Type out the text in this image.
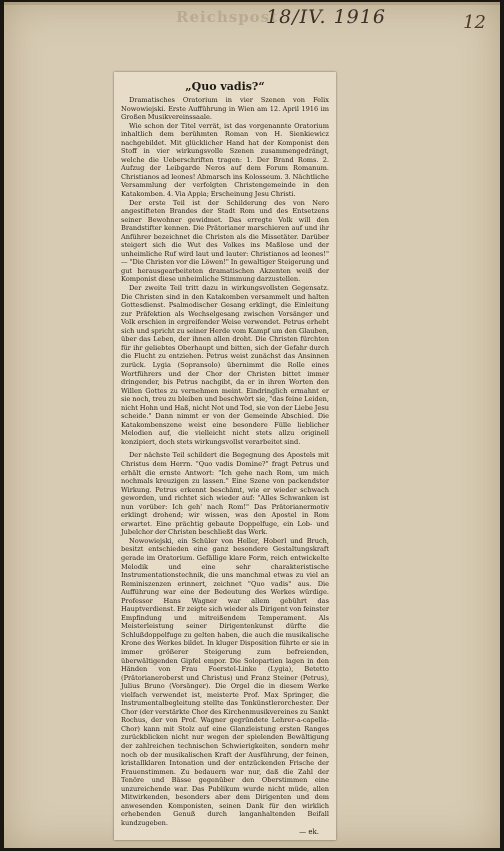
Reichspost
18/IV. 1916	12
„Quo vadis?“

Dramatisches Oratorium in vier Szenen von Felix Nowowiejski. Erste Aufführung in Wien am 12. April 1916 im Großen Musikvereinssaale.

Wie schon der Titel verrät, ist das vorgenannte Oratorium inhaltlich dem berühmten Roman von H. Sienkiewicz nachgebildet. Mit glücklicher Hand hat der Komponist den Stoff in vier wirkungsvolle Szenen zusammengedrängt, welche die Ueberschriften tragen: 1. Der Brand Roms. 2. Aufzug der Leibgarde Neros auf dem Forum Romanum. Christianos ad leones! Abmarsch ins Kolosseum. 3. Nächtliche Versammlung der verfolgten Christengemeinde in den Katakomben. 4. Via Appia; Erscheinung Jesu Christi.

Der erste Teil ist der Schilderung des von Nero angestifteten Brandes der Stadt Rom und des Entsetzens seiner Bewohner gewidmet. Das erregte Volk will den Brandstifter kennen. Die Prätorianer marschieren auf und ihr Anführer bezeichnet die Christen als die Missetäter. Darüber steigert sich die Wut des Volkes ins Maßlose und der unheimliche Ruf wird laut und lauter: Christianos ad leones!" — "Die Christen vor die Löwen!" In gewaltiger Steigerung und gut herausgearbeiteten dramatischen Akzenten weiß der Komponist diese unheimliche Stimmung darzustellen.

Der zweite Teil tritt dazu in wirkungsvollsten Gegensatz. Die Christen sind in den Katakomben versammelt und halten Gottesdienst. Psalmodischer Gesang erklingt, die Einleitung zur Präfektion als Wechselgesang zwischen Vorsänger und Volk erschien in ergreifender Weise verwendet. Petrus erhebt sich und spricht zu seiner Herde vom Kampf um den Glauben, über das Leben, der ihnen allen droht. Die Christen fürchten für ihr geliebtes Oberhaupt und bitten, sich der Gefahr durch die Flucht zu entziehen. Petrus weist zunächst das Ansinnen zurück. Lygia (Sopransolo) übernimmt die Rolle eines Wortführers und der Chor der Christen bittet immer dringender, bis Petrus nachgibt, da er in ihren Worten den Willen Gottes zu vernehmen meint. Eindringlich ermahnt er sie noch, treu zu bleiben und beschwört sie, "das feine Leiden, nicht Hohn und Haß, nicht Not und Tod, sie von der Liebe Jesu scheide." Dann nimmt er von der Gemeinde Abschied. Die Katakombenszene weist eine besondere Fülle lieblicher Melodien auf, die vielleicht nicht stets allzu originell konzipiert, doch stets wirkungsvollst verarbeitet sind.

Der nächste Teil schildert die Begegnung des Apostels mit Christus dem Herrn. "Quo vadis Domine?" fragt Petrus und erhält die ernste Antwort: "Ich gehe nach Rom, um mich nochmals kreuzigen zu lassen." Eine Szene von packendster Wirkung. Petrus erkennt beschämt, wie er wieder schwach geworden, und richtet sich wieder auf: "Alles Schwanken ist nun vorüber: Ich geh' nach Rom!" Das Prätorianermotiv erklingt drohend; wir wissen, was den Apostel in Rom erwartet. Eine prächtig gebaute Doppelfuge, ein Lob- und Jubelchor der Christen beschließt das Werk.

Nowowiejski, ein Schüler von Heller, Hoberl und Bruch, besitzt entschieden eine ganz besondere Gestaltungskraft gerade im Oratorium. Gefällige klare Form, reich entwickelte Melodik und eine sehr charakteristische Instrumentationstechnik, die uns manchmal etwas zu viel an Reminiszenzen erinnert, zeichnet "Quo vadis" aus. Die Aufführung war eine der Bedeutung des Werkes würdige. Professor Hans Wagner war allem gebührt das Hauptverdienst. Er zeigte sich wieder als Dirigent von feinster Empfindung und mitreißendem Temperament. Als Meisterleistung seiner Dirigentenkunst dürfte die Schlußdoppelfuge zu gelten haben, die auch die musikalische Krone des Werkes bildet. In kluger Disposition führte er sie in immer größerer Steigerung zum befreienden, überwältigenden Gipfel empor. Die Solopartien lagen in den Händen von Frau Foerstel-Linke (Lygia), Betetto (Prätorianeroberst und Christus) und Franz Steiner (Petrus), Julius Bruno (Vorsänger). Die Orgel die in diesem Werke vielfach verwendet ist, meisterte Prof. Max Springer, die Instrumentalbegleitung stellte das Tonkünstlerorchester. Der Chor (der verstärkte Chor des Kirchenmusikvereines zu Sankt Rochus, der von Prof. Wagner gegründete Lehrer-a-capella-Chor) kann mit Stolz auf eine Glanzleistung ersten Ranges zurückblicken nicht nur wegen der spielenden Bewältigung der zahlreichen technischen Schwierigkeiten, sondern mehr noch ob der musikalischen Kraft der Ausführung, der feinen, kristallklaren Intonation und der entzückenden Frische der Frauenstimmen. Zu bedauern war nur, daß die Zahl der Tenöre und Bässe gegenüber den Oberstimmen eine unzureichende war. Das Publikum wurde nicht müde, allen Mitwirkenden, besonders aber dem Dirigenten und dem anwesenden Komponisten, seinen Dank für den wirklich erhebenden Genuß durch langanhaltenden Beifall kundzugeben.

— ek.
